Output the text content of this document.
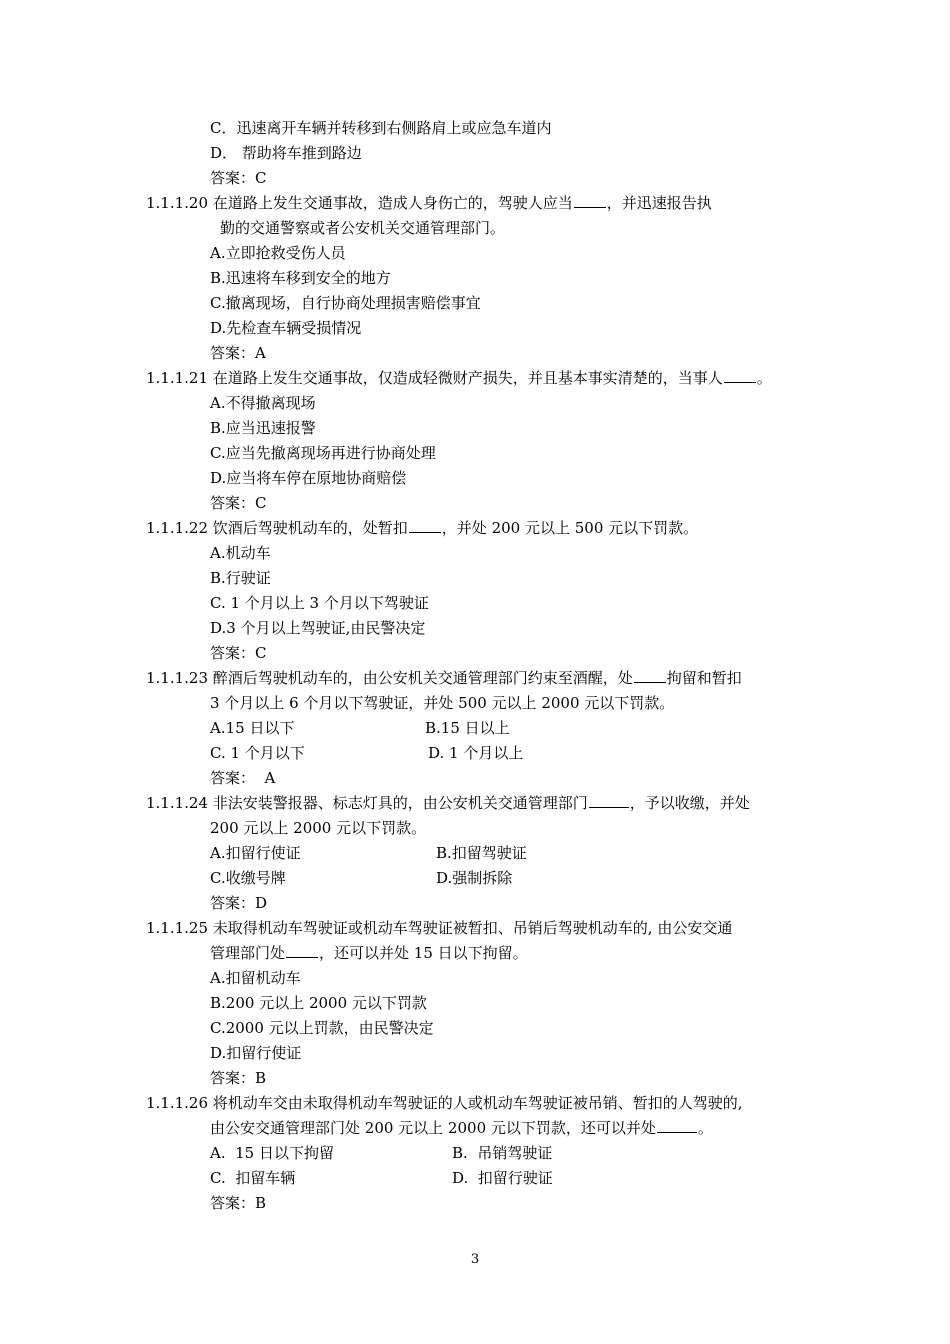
C．迅速离开车辆并转移到右侧路肩上或应急车道内
D． 帮助将车推到路边
答案：C
1.1.1.20 在道路上发生交通事故，造成人身伤亡的，驾驶人应当 ，并迅速报告执
勤的交通警察或者公安机关交通管理部门。
A.立即抢救受伤人员
B.迅速将车移到安全的地方
C.撤离现场，自行协商处理损害赔偿事宜
D.先检查车辆受损情况
答案：A
1.1.1.21 在道路上发生交通事故，仅造成轻微财产损失，并且基本事实清楚的，当事人 。
A.不得撤离现场
B.应当迅速报警
C.应当先撤离现场再进行协商处理
D.应当将车停在原地协商赔偿
答案：C
1.1.1.22 饮酒后驾驶机动车的，处暂扣 ，并处 200 元以上 500 元以下罚款。
A.机动车
B.行驶证
C. 1 个月以上 3 个月以下驾驶证
D.3 个月以上驾驶证,由民警决定
答案：C
1.1.1.23 醉酒后驾驶机动车的，由公安机关交通管理部门约束至酒醒，处 拘留和暂扣
3 个月以上 6 个月以下驾驶证，并处 500 元以上 2000 元以下罚款。
A.15 日以下	B.15 日以上
C. 1 个月以下	D. 1 个月以上
答案：  A
1.1.1.24 非法安装警报器、标志灯具的，由公安机关交通管理部门	，予以收缴，并处
200 元以上 2000 元以下罚款。
A.扣留行使证	B.扣留驾驶证
C.收缴号牌	D.强制拆除
答案：D
1.1.1.25 未取得机动车驾驶证或机动车驾驶证被暂扣、吊销后驾驶机动车的, 由公安交通
管理部门处 ，还可以并处 15 日以下拘留。
A.扣留机动车
B.200 元以上 2000 元以下罚款
C.2000 元以上罚款，由民警决定
D.扣留行使证
答案：B
1.1.1.26 将机动车交由未取得机动车驾驶证的人或机动车驾驶证被吊销、暂扣的人驾驶的,
由公安交通管理部门处 200 元以上 2000 元以下罚款，还可以并处	。
A.  15 日以下拘留	B.  吊销驾驶证
C.  扣留车辆	D.  扣留行驶证
答案：B
3
